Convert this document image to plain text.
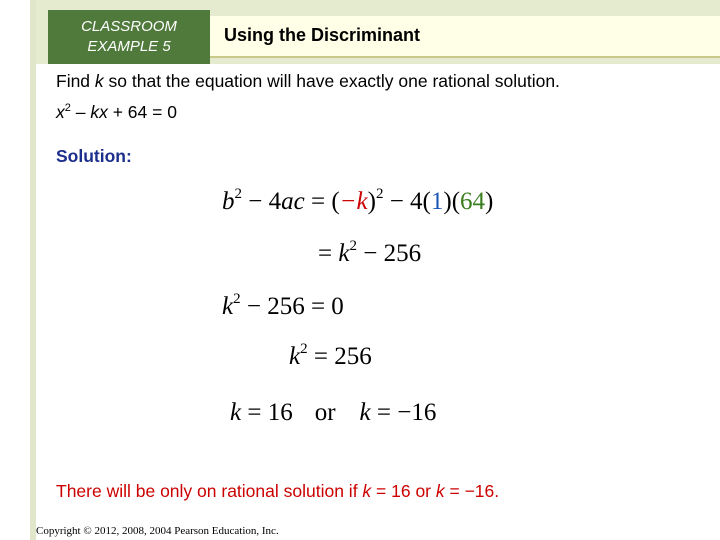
CLASSROOM
EXAMPLE 5
Using the Discriminant
Find k so that the equation will have exactly one rational solution.
$x^2$ – kx + 64 = 0
Solution:
$b^2 - 4ac = (-k)^2 - 4(1)(64)$
= $k^2 - 256$
$k^2 - 256 = 0$
$k^2 = 256$
k = 16 or k = −16
There will be only on rational solution if k = 16 or k = −16.
Copyright © 2012, 2008, 2004 Pearson Education, Inc.
